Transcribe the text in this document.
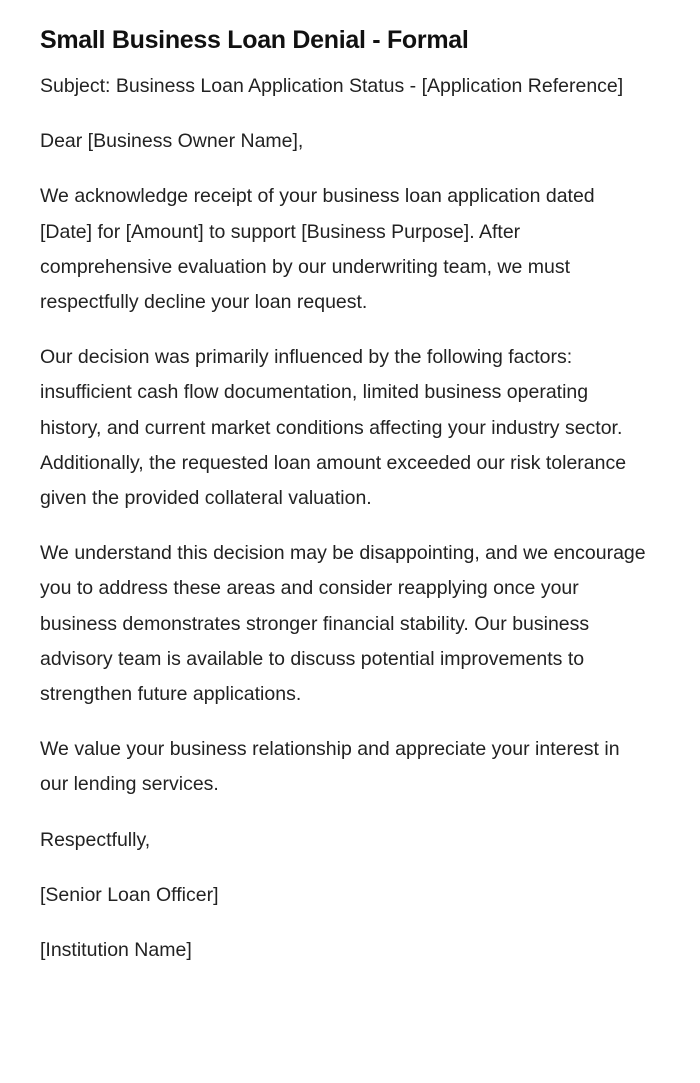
Small Business Loan Denial - Formal

Subject: Business Loan Application Status - [Application Reference]

Dear [Business Owner Name],

We acknowledge receipt of your business loan application dated [Date] for [Amount] to support [Business Purpose]. After comprehensive evaluation by our underwriting team, we must respectfully decline your loan request.

Our decision was primarily influenced by the following factors: insufficient cash flow documentation, limited business operating history, and current market conditions affecting your industry sector. Additionally, the requested loan amount exceeded our risk tolerance given the provided collateral valuation.

We understand this decision may be disappointing, and we encourage you to address these areas and consider reapplying once your business demonstrates stronger financial stability. Our business advisory team is available to discuss potential improvements to strengthen future applications.

We value your business relationship and appreciate your interest in our lending services.

Respectfully,

[Senior Loan Officer]

[Institution Name]
